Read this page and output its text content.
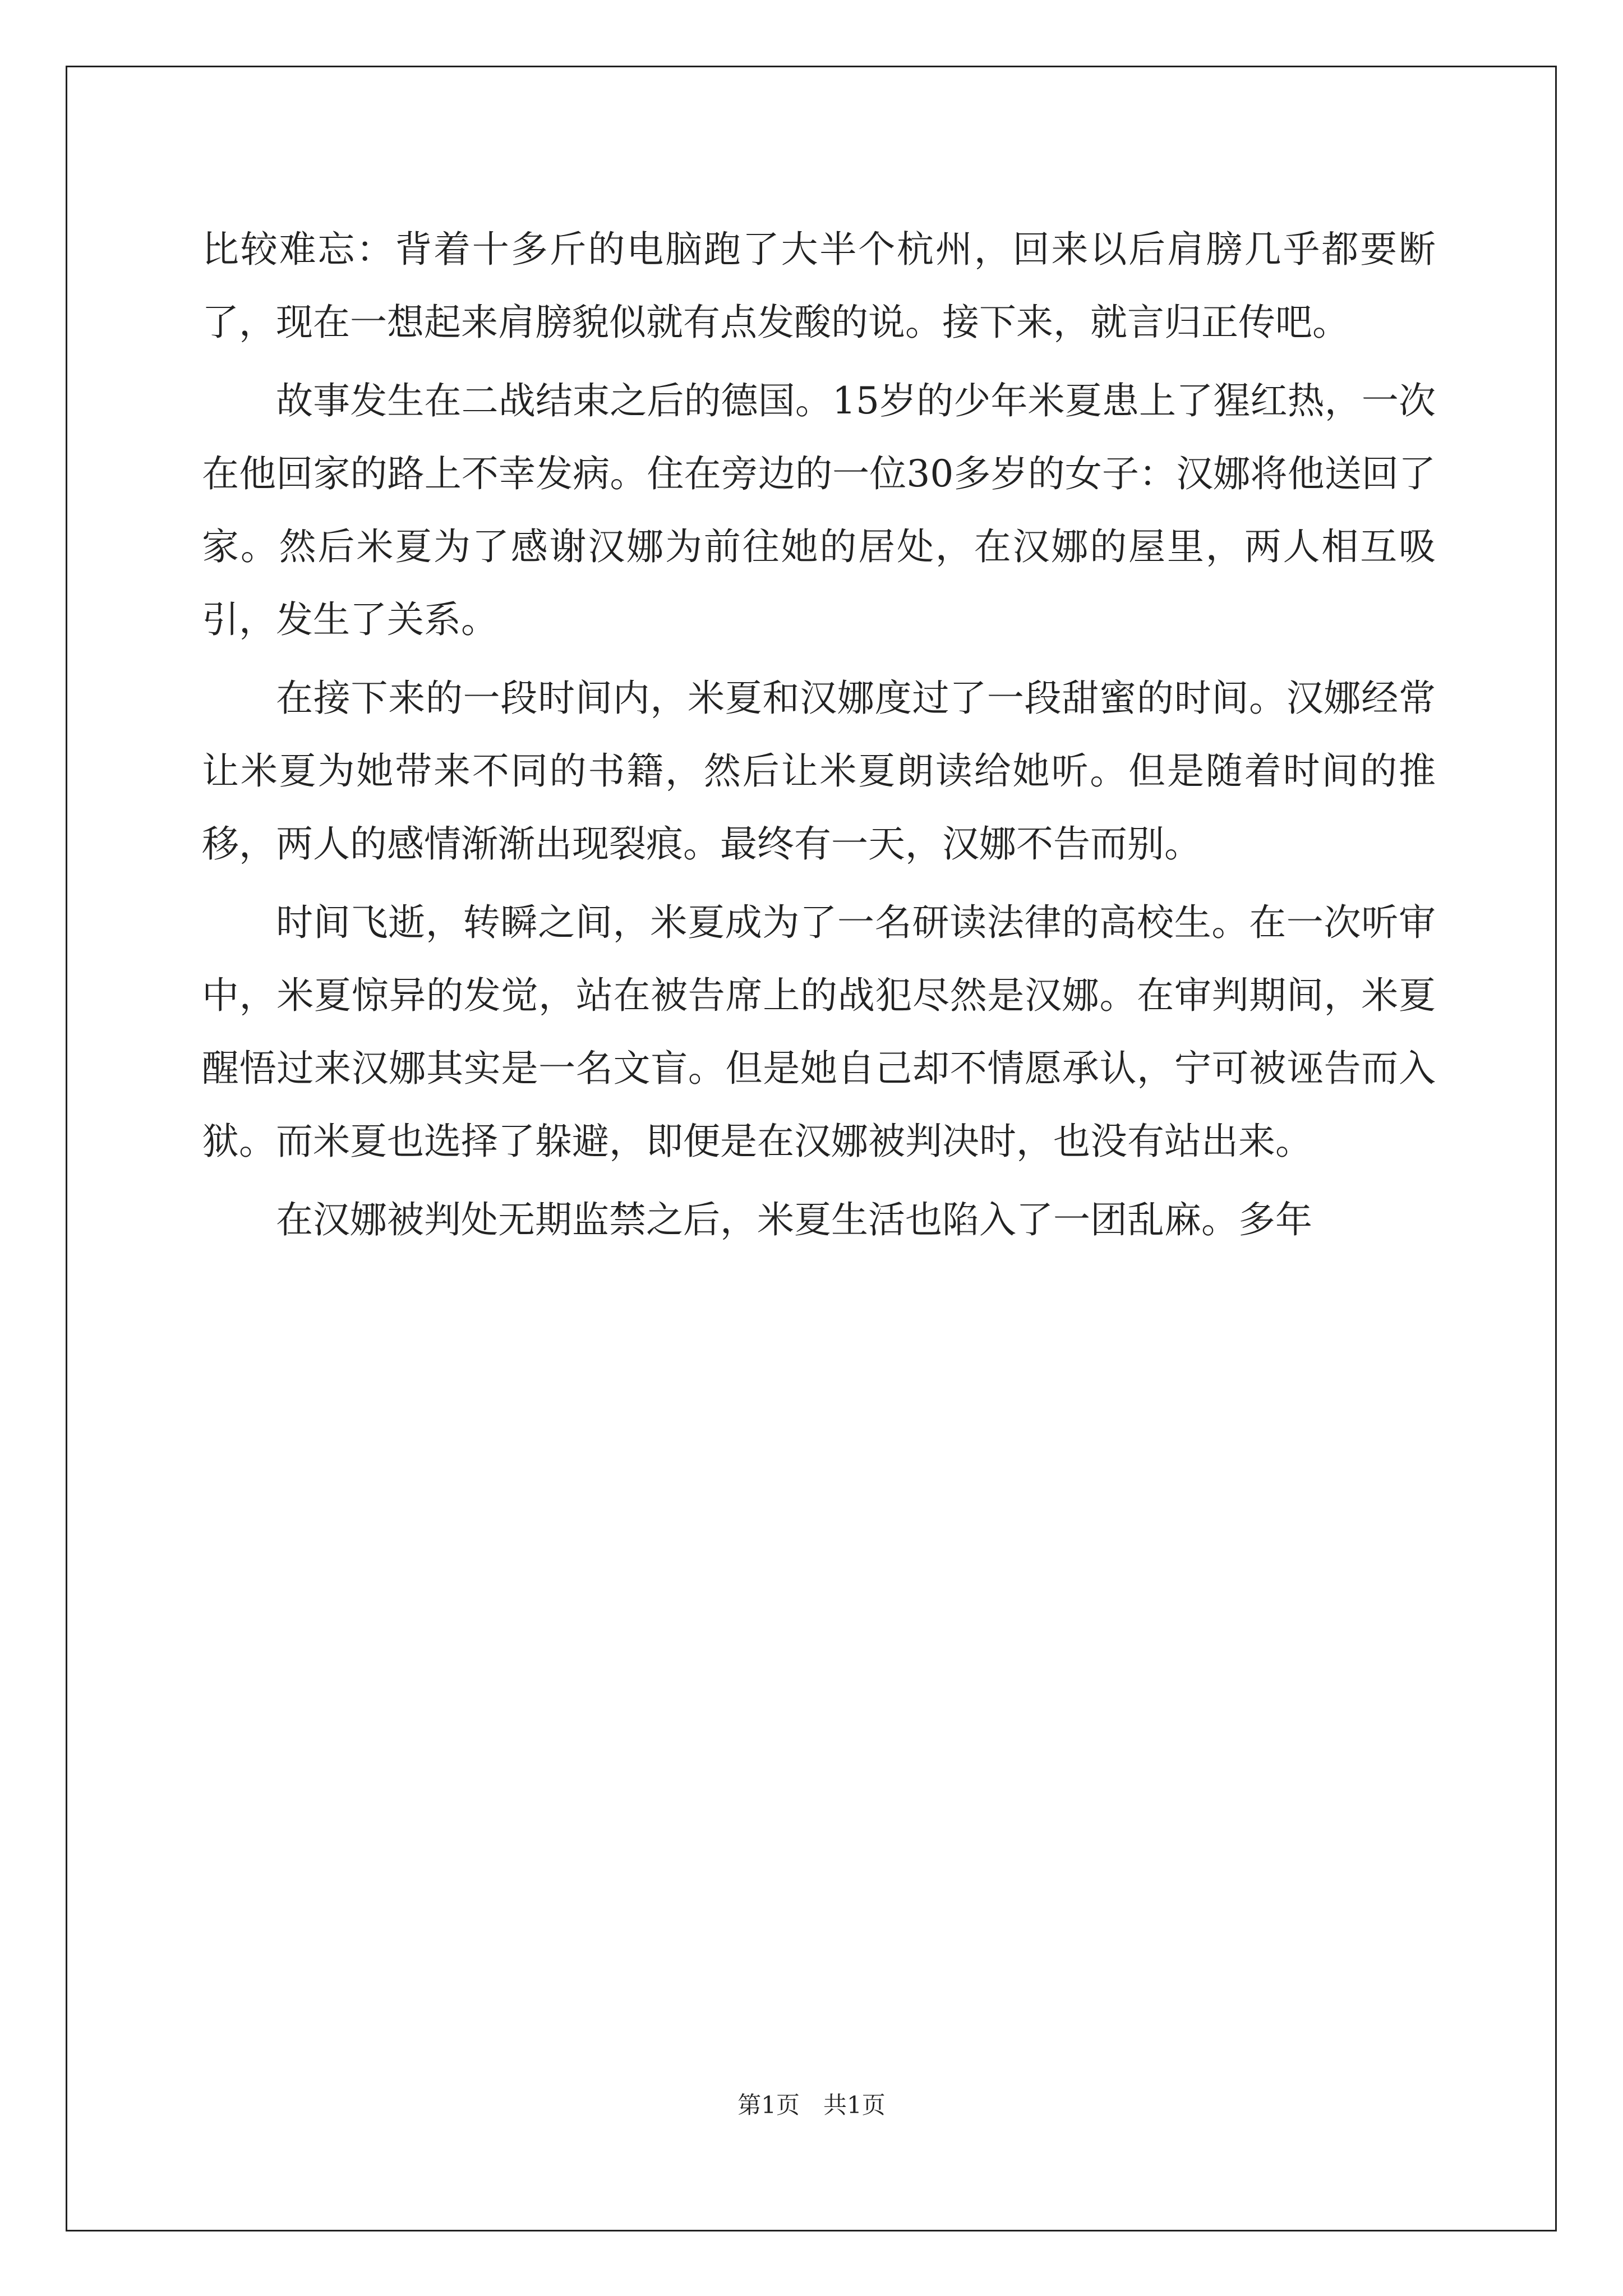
比较难忘：背着十多斤的电脑跑了大半个杭州，回来以后肩膀几乎都要断了，现在一想起来肩膀貌似就有点发酸的说。接下来，就言归正传吧。

故事发生在二战结束之后的德国。15岁的少年米夏患上了猩红热，一次在他回家的路上不幸发病。住在旁边的一位30多岁的女子：汉娜将他送回了家。然后米夏为了感谢汉娜为前往她的居处，在汉娜的屋里，两人相互吸引，发生了关系。

在接下来的一段时间内，米夏和汉娜度过了一段甜蜜的时间。汉娜经常让米夏为她带来不同的书籍，然后让米夏朗读给她听。但是随着时间的推移，两人的感情渐渐出现裂痕。最终有一天，汉娜不告而别。

时间飞逝，转瞬之间，米夏成为了一名研读法律的高校生。在一次听审中，米夏惊异的发觉，站在被告席上的战犯尽然是汉娜。在审判期间，米夏醒悟过来汉娜其实是一名文盲。但是她自己却不情愿承认，宁可被诬告而入狱。而米夏也选择了躲避，即便是在汉娜被判决时，也没有站出来。

在汉娜被判处无期监禁之后，米夏生活也陷入了一团乱麻。多年

第1页　共1页
